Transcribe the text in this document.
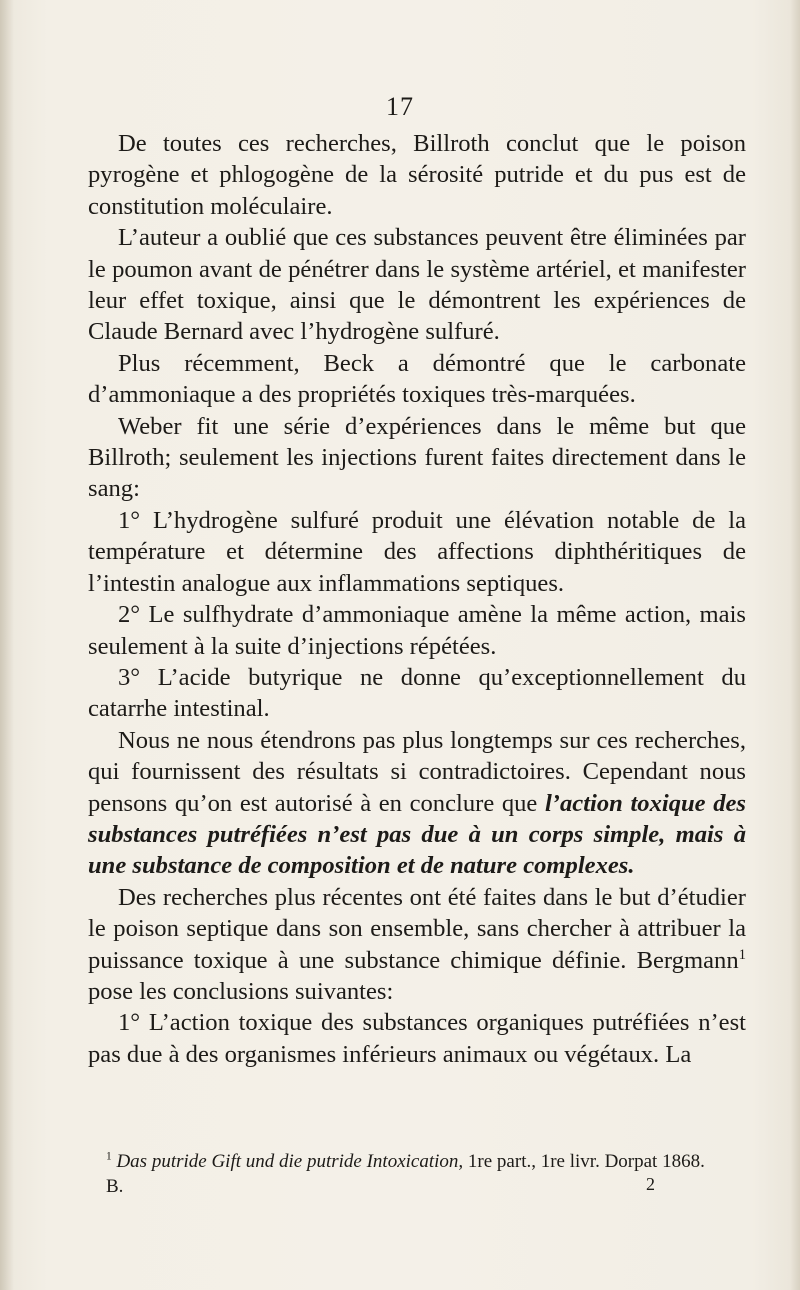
17

De toutes ces recherches, Billroth conclut que le poison pyrogène et phlogogène de la sérosité putride et du pus est de constitution moléculaire.

L’auteur a oublié que ces substances peuvent être éliminées par le poumon avant de pénétrer dans le système artériel, et manifester leur effet toxique, ainsi que le démontrent les expériences de Claude Bernard avec l’hydrogène sulfuré.

Plus récemment, Beck a démontré que le carbonate d’ammoniaque a des propriétés toxiques très-marquées.

Weber fit une série d’expériences dans le même but que Billroth; seulement les injections furent faites directement dans le sang:

1° L’hydrogène sulfuré produit une élévation notable de la température et détermine des affections diphthéritiques de l’intestin analogue aux inflammations septiques.

2° Le sulfhydrate d’ammoniaque amène la même action, mais seulement à la suite d’injections répétées.

3° L’acide butyrique ne donne qu’exceptionnellement du catarrhe intestinal.

Nous ne nous étendrons pas plus longtemps sur ces recherches, qui fournissent des résultats si contradictoires. Cependant nous pensons qu’on est autorisé à en conclure que l’action toxique des substances putréfiées n’est pas due à un corps simple, mais à une substance de composition et de nature complexes.

Des recherches plus récentes ont été faites dans le but d’étudier le poison septique dans son ensemble, sans chercher à attribuer la puissance toxique à une substance chimique définie. Bergmann$^1$ pose les conclusions suivantes:

1° L’action toxique des substances organiques putréfiées n’est pas due à des organismes inférieurs animaux ou végétaux. La

$^1$ Das putride Gift und die putride Intoxication, 1re part., 1re livr. Dorpat 1868.
B.	2
